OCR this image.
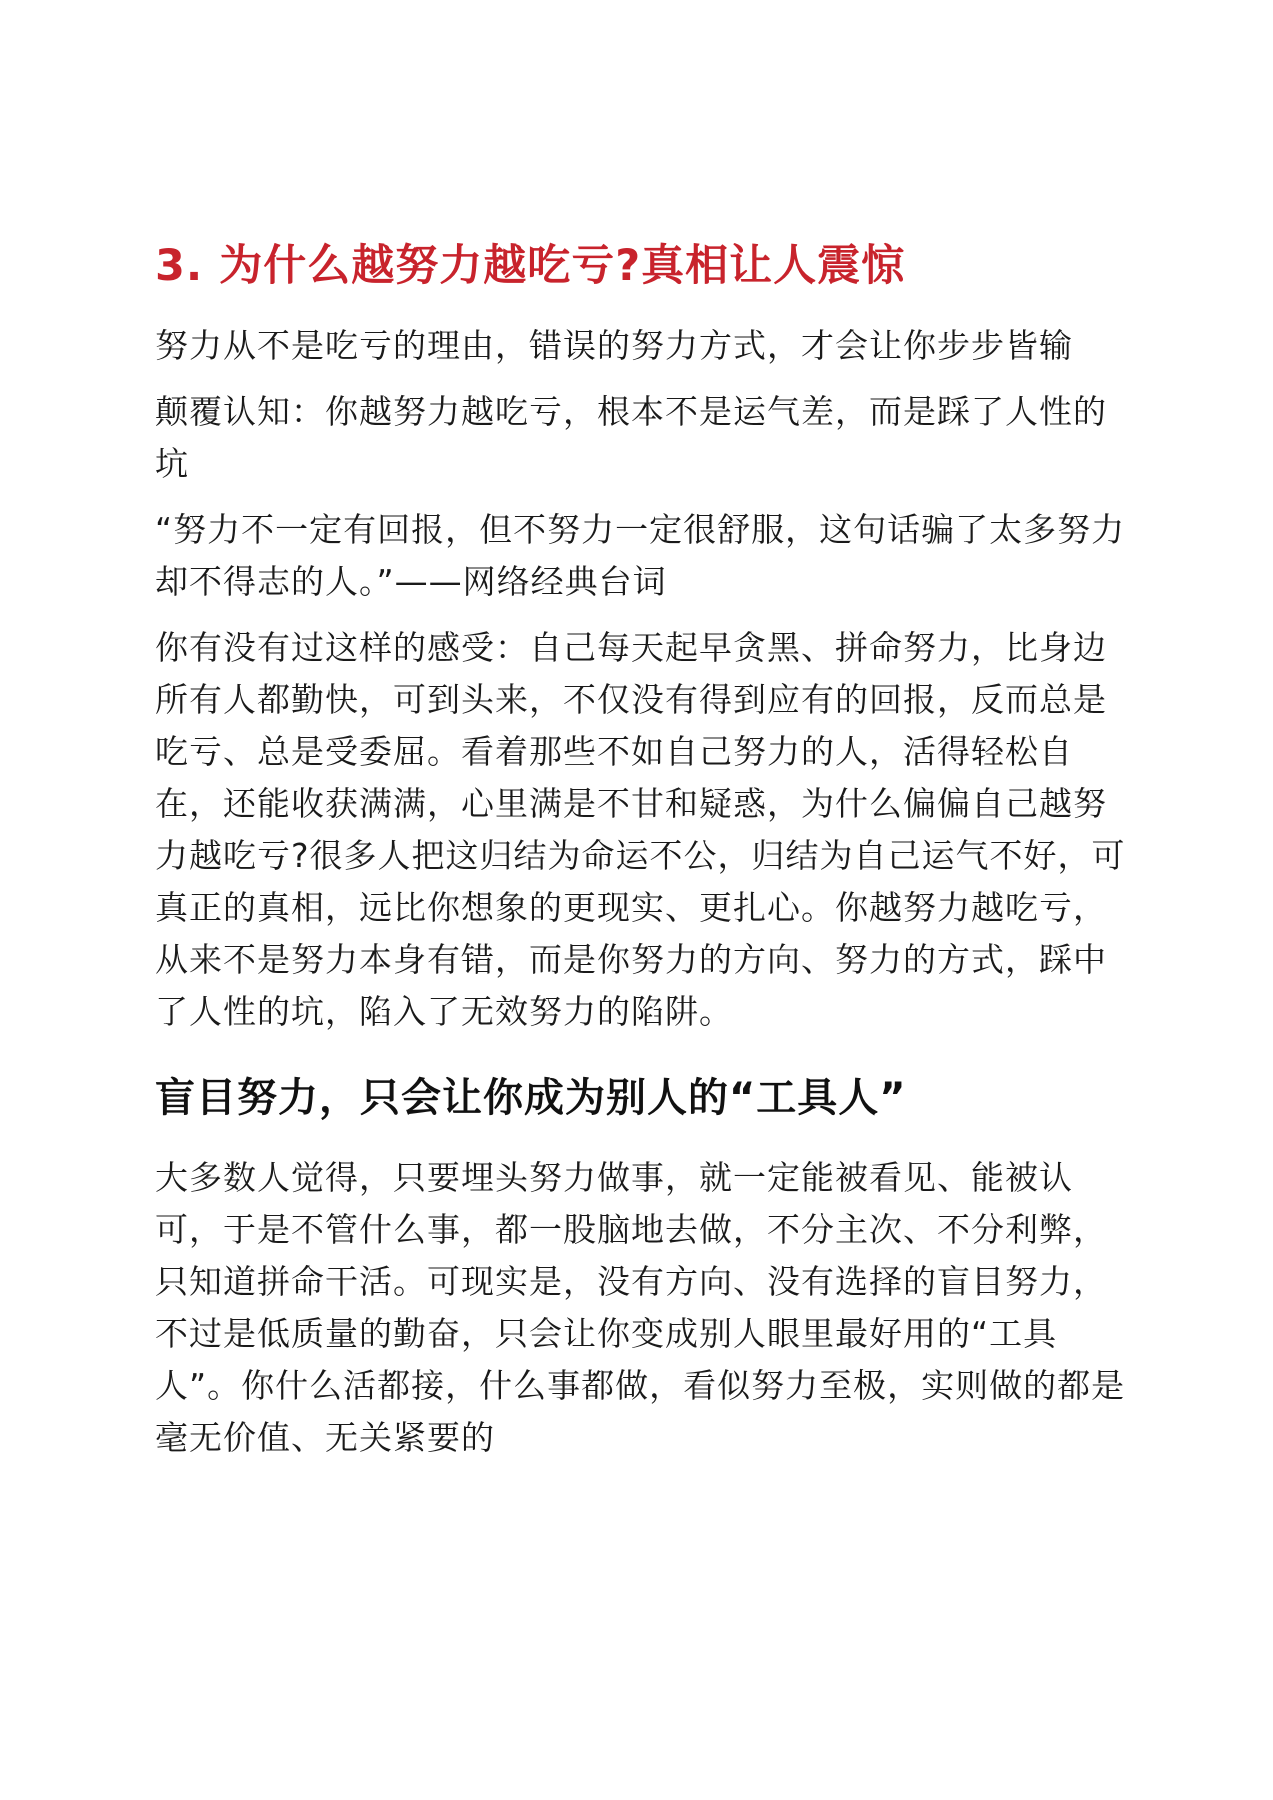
3. 为什么越努力越吃亏?真相让人震惊

努力从不是吃亏的理由，错误的努力方式，才会让你步步皆输

颠覆认知：你越努力越吃亏，根本不是运气差，而是踩了人性的坑

“努力不一定有回报，但不努力一定很舒服，这句话骗了太多努力却不得志的人。”——网络经典台词

你有没有过这样的感受：自己每天起早贪黑、拼命努力，比身边所有人都勤快，可到头来，不仅没有得到应有的回报，反而总是吃亏、总是受委屈。看着那些不如自己努力的人，活得轻松自在，还能收获满满，心里满是不甘和疑惑，为什么偏偏自己越努力越吃亏?很多人把这归结为命运不公，归结为自己运气不好，可真正的真相，远比你想象的更现实、更扎心。你越努力越吃亏，从来不是努力本身有错，而是你努力的方向、努力的方式，踩中了人性的坑，陷入了无效努力的陷阱。

盲目努力，只会让你成为别人的“工具人”

大多数人觉得，只要埋头努力做事，就一定能被看见、能被认可，于是不管什么事，都一股脑地去做，不分主次、不分利弊，只知道拼命干活。可现实是，没有方向、没有选择的盲目努力，不过是低质量的勤奋，只会让你变成别人眼里最好用的“工具人”。你什么活都接，什么事都做，看似努力至极，实则做的都是毫无价值、无关紧要的
